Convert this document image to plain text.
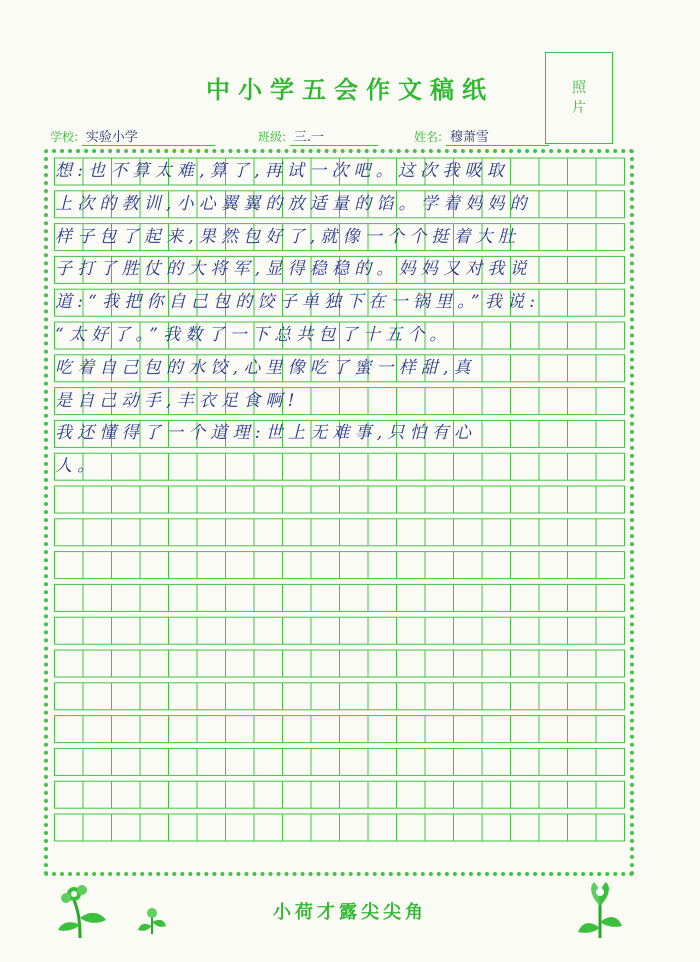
中小学五会作文稿纸	照
片
学校: 实验小学	班级: 三.一	姓名: 穆萧雪
想:也不算太难,算了,再试一次吧。这次我吸取
上次的教训,小心翼翼的放适量的馅。学着妈妈的
样子包了起来,果然包好了,就像一个个挺着大肚
子打了胜仗的大将军,显得稳稳的。妈妈又对我说
道:“我把你自己包的饺子单独下在一锅里。”我说:
“太好了。”我数了一下总共包了十五个。
吃着自己包的水饺,心里像吃了蜜一样甜,真
是自己动手,丰衣足食啊!
我还懂得了一个道理:世上无难事,只怕有心
人。
小荷才露尖尖角
